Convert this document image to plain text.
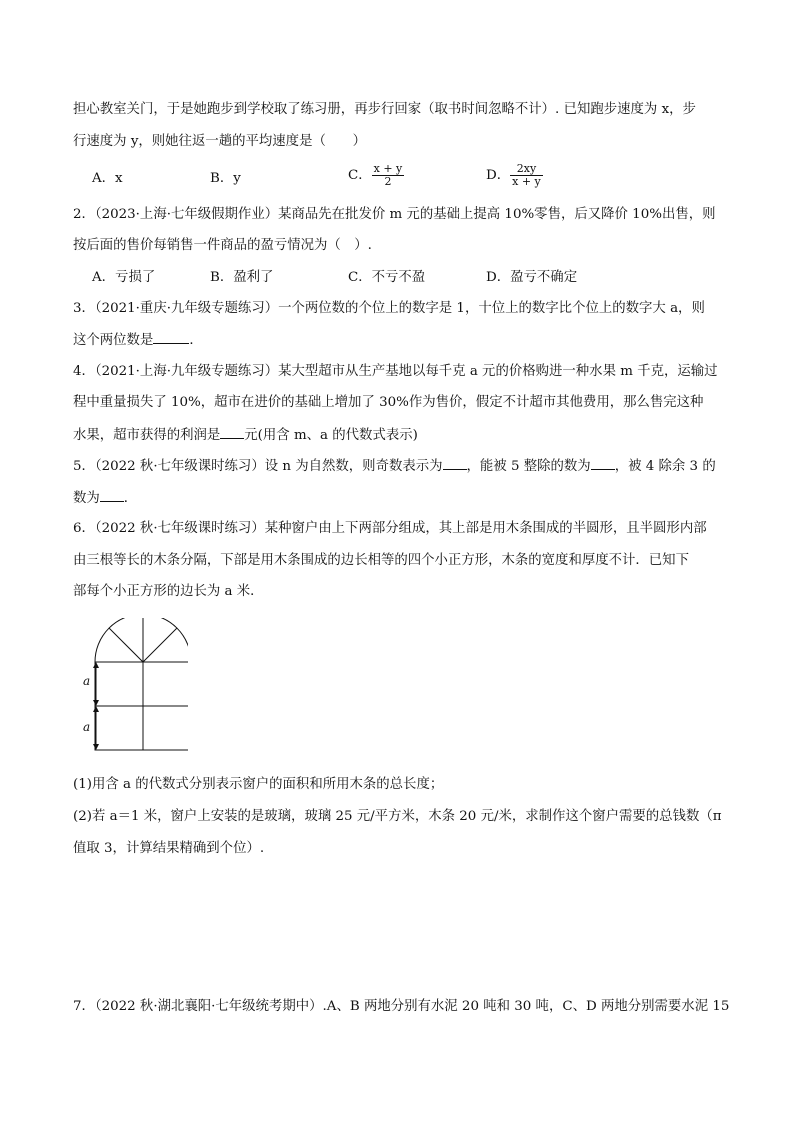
担心教室关门，于是她跑步到学校取了练习册，再步行回家（取书时间忽略不计）. 已知跑步速度为 x，步
行速度为 y，则她往返一趟的平均速度是（　　）
A．x	B．y	C． $\frac{x + y}{2}$	D． $\frac{2xy}{x + y}$
2．（2023·上海·七年级假期作业）某商品先在批发价 m 元的基础上提高 10%零售，后又降价 10%出售，则
按后面的售价每销售一件商品的盈亏情况为（　）.
A．亏损了	B．盈利了	C．不亏不盈	D．盈亏不确定
3．（2021·重庆·九年级专题练习）一个两位数的个位上的数字是 1，十位上的数字比个位上的数字大 a，则
这个两位数是	．
4．（2021·上海·九年级专题练习）某大型超市从生产基地以每千克 a 元的价格购进一种水果 m 千克，运输过
程中重量损失了 10%，超市在进价的基础上增加了 30%作为售价，假定不计超市其他费用，那么售完这种
水果，超市获得的利润是 元(用含 m、a 的代数式表示)
5．（2022 秋·七年级课时练习）设 n 为自然数，则奇数表示为 ，能被 5 整除的数为 ，被 4 除余 3 的
数为 ．
6．（2022 秋·七年级课时练习）某种窗户由上下两部分组成，其上部是用木条围成的半圆形，且半圆形内部
由三根等长的木条分隔，下部是用木条围成的边长相等的四个小正方形，木条的宽度和厚度不计．已知下
部每个小正方形的边长为 a 米．
a
a
(1)用含 a 的代数式分别表示窗户的面积和所用木条的总长度；
(2)若 a＝1 米，窗户上安装的是玻璃，玻璃 25 元/平方米，木条 20 元/米，求制作这个窗户需要的总钱数（π
值取 3，计算结果精确到个位）.
7．（2022 秋·湖北襄阳·七年级统考期中）.A、B 两地分别有水泥 20 吨和 30 吨，C、D 两地分别需要水泥 15
